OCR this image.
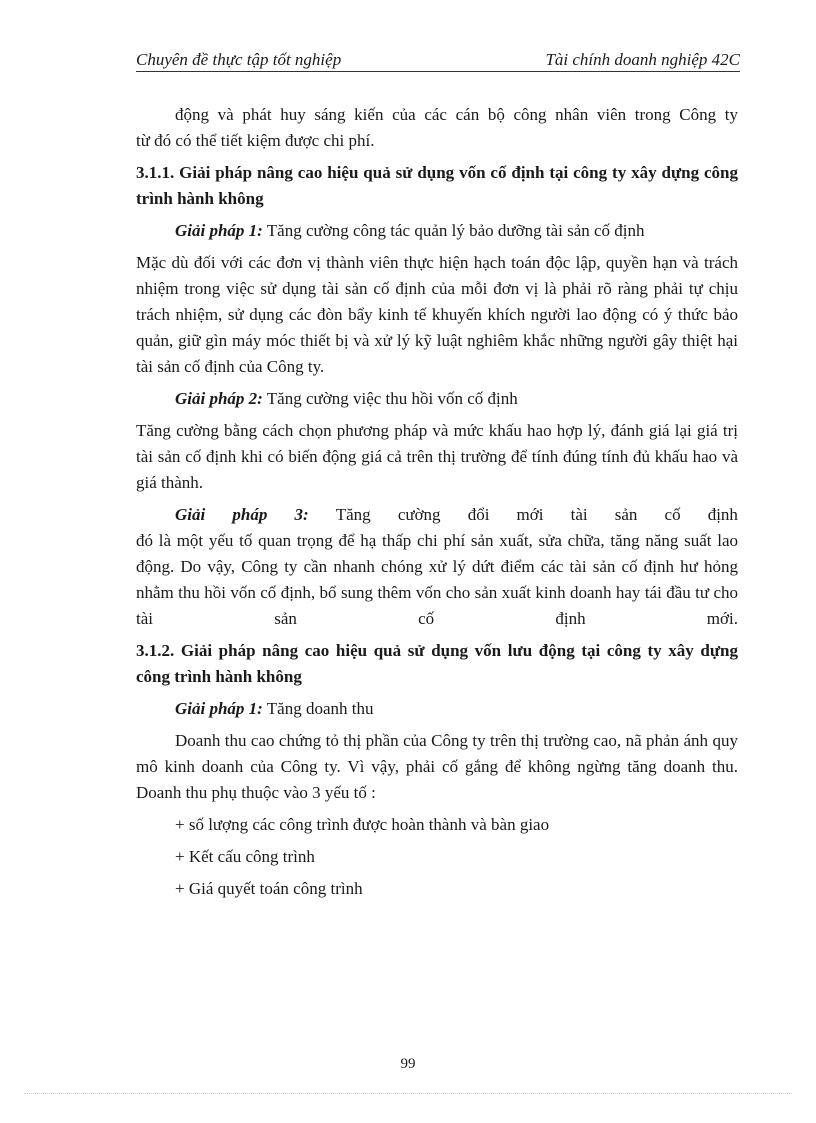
Chuyên đề thực tập tốt nghiệp	Tài chính doanh nghiệp 42C

động và phát huy sáng kiến của các cán bộ công nhân viên trong Công ty

từ đó có thể tiết kiệm được chi phí.

3.1.1. Giải pháp nâng cao hiệu quả sử dụng vốn cố định tại công ty xây dựng công trình hành không

Giải pháp 1: Tăng cường công tác quản lý bảo dưỡng tài sản cố định

Mặc dù đối với các đơn vị thành viên thực hiện hạch toán độc lập, quyền hạn và trách nhiệm trong việc sử dụng tài sản cố định của mỗi đơn vị là phải rõ ràng phải tự chịu trách nhiệm, sử dụng các đòn bẩy kinh tế khuyến khích người lao động có ý thức bảo quản, giữ gìn máy móc thiết bị và xử lý kỹ luật nghiêm khắc những người gây thiệt hại tài sản cố định của Công ty.

Giải pháp 2: Tăng cường việc thu hồi vốn cố định

Tăng cường bằng cách chọn phương pháp và mức khấu hao hợp lý, đánh giá lại giá trị tài sản cố định khi có biến động giá cả trên thị trường để tính đúng tính đủ khấu hao và giá thành.

Giải pháp 3: Tăng cường đổi mới tài sản cố định

đó là một yếu tố quan trọng để hạ thấp chi phí sản xuất, sửa chữa, tăng năng suất lao động. Do vậy, Công ty cần nhanh chóng xử lý dứt điểm các tài sản cố định hư hỏng nhằm thu hồi vốn cố định, bổ sung thêm vốn cho sản xuất kinh doanh hay tái đầu tư cho tài sản cố định mới.

3.1.2. Giải pháp nâng cao hiệu quả sử dụng vốn lưu động tại công ty xây dựng công trình hành không

Giải pháp 1: Tăng doanh thu

Doanh thu cao chứng tỏ thị phần của Công ty trên thị trường cao, nã phản ánh quy mô kinh doanh của Công ty. Vì vậy, phải cố gắng để không ngừng tăng doanh thu. Doanh thu phụ thuộc vào 3 yếu tố :

+ số lượng các công trình được hoàn thành và bàn giao

+ Kết cấu công trình

+ Giá quyết toán công trình

99
